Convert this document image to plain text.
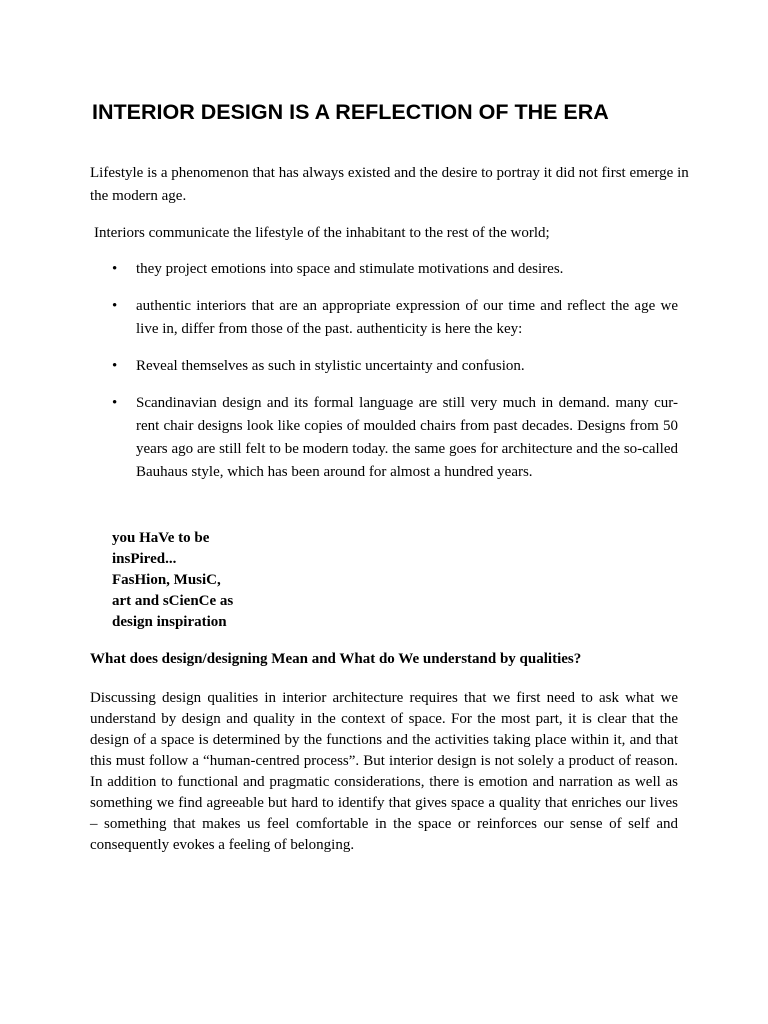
INTERIOR DESIGN IS A REFLECTION OF THE ERA

Lifestyle is a phenomenon that has always existed and the desire to portray it did not first emerge in the modern age.

Interiors communicate the lifestyle of the inhabitant to the rest of the world;

• they project emotions into space and stimulate motivations and desires.
• authentic interiors that are an appropriate expression of our time and reflect the age we live in, differ from those of the past. authenticity is here the key:
• Reveal themselves as such in stylistic uncertainty and confusion.
• Scandinavian design and its formal language are still very much in demand. many cur- rent chair designs look like copies of moulded chairs from past decades. Designs from 50 years ago are still felt to be modern today. the same goes for architecture and the so-called Bauhaus style, which has been around for almost a hundred years.
you HaVe to be
insPired...
FasHion, MusiC,
art and sCienCe as
design inspiration

What does design/designing Mean and What do We understand by qualities?

Discussing design qualities in interior architecture requires that we first need to ask what we understand by design and quality in the context of space. For the most part, it is clear that the design of a space is determined by the functions and the activities taking place within it, and that this must follow a “human-centred process”. But interior design is not solely a product of reason. In addition to functional and pragmatic considerations, there is emotion and narration as well as something we find agreeable but hard to identify that gives space a quality that enriches our lives – something that makes us feel comfortable in the space or reinforces our sense of self and consequently evokes a feeling of belonging.
